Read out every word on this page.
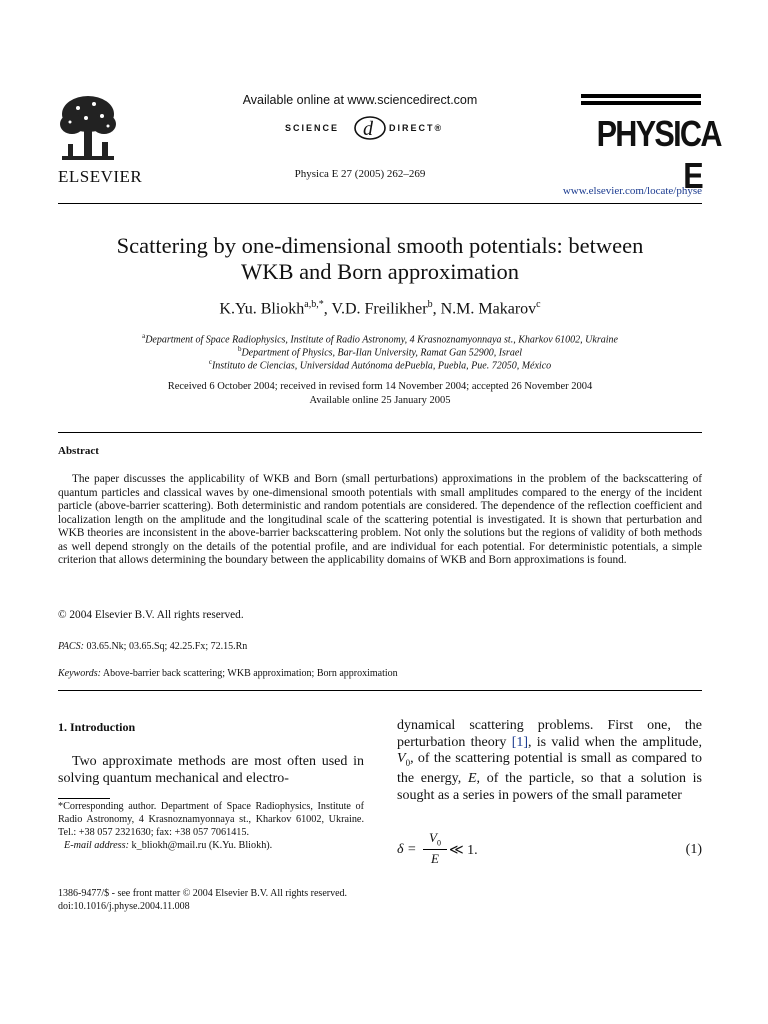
ELSEVIER
Available online at www.sciencedirect.com
SCIENCE d DIRECT®
Physica E 27 (2005) 262–269
PHYSICA E
www.elsevier.com/locate/physe
Scattering by one-dimensional smooth potentials: between
WKB and Born approximation
K.Yu. Bliokh$^{a,b,*}$, V.D. Freilikher$^b$, N.M. Makarov$^c$
$^a$Department of Space Radiophysics, Institute of Radio Astronomy, 4 Krasnoznamyonnaya st., Kharkov 61002, Ukraine
$^b$Department of Physics, Bar-Ilan University, Ramat Gan 52900, Israel
$^c$Instituto de Ciencias, Universidad Autónoma dePuebla, Puebla, Pue. 72050, México
Received 6 October 2004; received in revised form 14 November 2004; accepted 26 November 2004
Available online 25 January 2005
Abstract
The paper discusses the applicability of WKB and Born (small perturbations) approximations in the problem of the backscattering of quantum particles and classical waves by one-dimensional smooth potentials with small amplitudes compared to the energy of the incident particle (above-barrier scattering). Both deterministic and random potentials are considered. The dependence of the reflection coefficient and localization length on the amplitude and the longitudinal scale of the scattering potential is investigated. It is shown that perturbation and WKB theories are inconsistent in the above-barrier backscattering problem. Not only the solutions but the regions of validity of both methods as well depend strongly on the details of the potential profile, and are individual for each potential. For deterministic potentials, a simple criterion that allows determining the boundary between the applicability domains of WKB and Born approximations is found.
© 2004 Elsevier B.V. All rights reserved.
PACS: 03.65.Nk; 03.65.Sq; 42.25.Fx; 72.15.Rn
Keywords: Above-barrier back scattering; WKB approximation; Born approximation
1. Introduction
Two approximate methods are most often used in solving quantum mechanical and electro-
*Corresponding author. Department of Space Radiophysics, Institute of Radio Astronomy, 4 Krasnoznamyonnaya st., Kharkov 61002, Ukraine. Tel.: +38 057 2321630; fax: +38 057 7061415.
E-mail address: k_bliokh@mail.ru (K.Yu. Bliokh).
1386-9477/$ - see front matter © 2004 Elsevier B.V. All rights reserved.
doi:10.1016/j.physe.2004.11.008
dynamical scattering problems. First one, the perturbation theory [1], is valid when the amplitude, $V_0$, of the scattering potential is small as compared to the energy, E, of the particle, so that a solution is sought as a series in powers of the small parameter
δ =
$V_0$
E
≪ 1.	(1)
